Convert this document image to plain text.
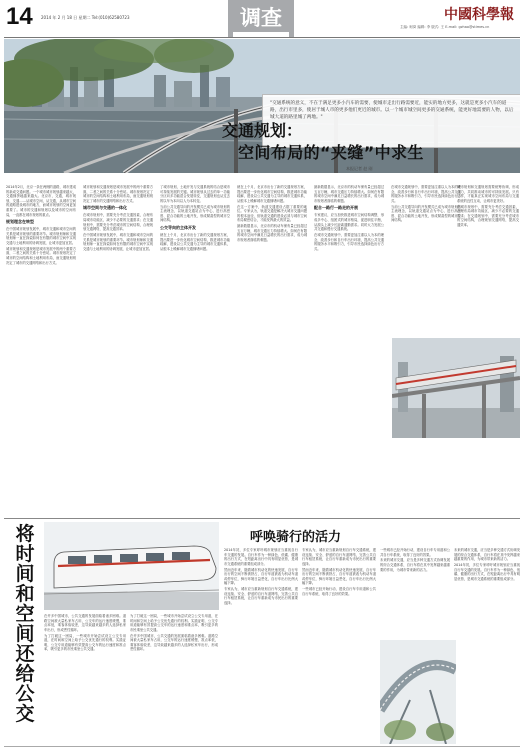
14 2014 年 2 月 18 日 星期二 Tel:(010)62580723	调查	中國科學報
主编: 柯岗 编辑: 李 版式: 王 E-mail: gzhao@stimes.cn
"交通系统的意义，不在于满足更多小汽车的需要，使城市走出行路需要近，能实的地方更多，这就是更多小汽车的道路，出行市里多，使居于城人市的更多他们更近的城市。以一个城市城空间更多的交通系统，能更好地需要的人物，以后城大道的路里城了两地。"
交通规划：
空间布局的“夹缝”中求生
本报记者 赵 刚

2014年2月，北京一条在两侧的道路，城市建成的新成交通问题。一个城市城市规划越来越大，交通拥挤地越来越大。北京市，交通，城市规划，交通……从城市空间，从交通，从城市空间的道路建设城市的地方，而城市规划的空间更加重要了。城市的交通和规划以及城市的空间布局，一直都在城市规划的重点。

规划理念在转型

在中国城市规划发展中，城市交通和城市空间的关系是城市规划的重要环节。城市规划师和交通规划师一直在探索如何在有限的城市空间中实现交通与土地利用的协调发展，让城市更加宜居。

城市规划和交通规划是城市发展中的两个重要方面，二者之间的关系十分密切。城市规划决定了城市的空间结构和土地利用布局，而交通规划则决定了城市的交通网络和出行方式。

城市规划和交通规划是城市发展中的两个重要方面，二者之间的关系十分密切。城市规划决定了城市的空间结构和土地利用布局，而交通规划则决定了城市的交通网络和出行方式。

城市空间与交通的一体化

在城市规划中，需要充分考虑交通因素，合理布局城市功能区，减少不必要的交通需求；在交通规划中，需要充分考虑城市的空间结构，合理规划交通网络，提高交通效率。

在中国城市规划发展中，城市交通和城市空间的关系是城市规划的重要环节。城市规划师和交通规划师一直在探索如何在有限的城市空间中实现交通与土地利用的协调发展，让城市更加宜居。

了城市规划，土地开发与交通系统的结合是城市可持续发展的关键。城市规划从过去的单一功能分区向多功能混合发展转变，交通规划也从过去的以车为本向以人为本转变。

当前公共交通导向的开发模式已成为城市规划的主流理念，以轨道交通站点为中心，进行高密度、混合功能的土地开发，形成紧凑型的城市空间结构。

公交导向的主体开发

就在上个月，北京市出台了新的交通规划方案，提出要进一步优化城市空间结构，推进城市功能疏解，建设以公共交通为主导的城市交通体系，从根本上缓解城市交通拥堵问题。

就在上个月，北京市出台了新的交通规划方案，提出要进一步优化城市空间结构，推进城市功能疏解，建设以公共交通为主导的城市交通体系，从根本上缓解城市交通拥堵问题。

在这一方案中，轨道交通建设占据了重要的地位。专家认为，轨道交通是解决大城市交通问题的根本途径，但轨道交通的建设必须与城市空间布局紧密结合，才能发挥最大的效益。

最新数据显示，北京市的机动车保有量已经超过五百万辆，城市交通压力持续增大。如何在有限的城市空间中满足日益增长的出行需求，成为城市规划者面临的难题。

最新数据显示，北京市的机动车保有量已经超过五百万辆，城市交通压力持续增大。如何在有限的城市空间中满足日益增长的出行需求，成为城市规划者面临的难题。

配合一路行一路走的开展

专家建议，应当加快推进城市空间结构调整，形成多中心、组团式的城市格局，促进职住平衡，从源头上减少长距离通勤需求。同时大力发展公共交通和慢行交通系统。

在城市交通规划中，需要更加注重以人为本的理念，改善步行和自行车出行环境，提高公共交通的服务水平和吸引力，引导市民选择绿色出行方式。

在城市交通规划中，需要更加注重以人为本的理念，改善步行和自行车出行环境，提高公共交通的服务水平和吸引力，引导市民选择绿色出行方式。

当前公共交通导向的开发模式已成为城市规划的主流理念，以轨道交通站点为中心，进行高密度、混合功能的土地开发，形成紧凑型的城市空间结构。

城市规划和交通规划需要统筹协调，形成合力，共同推动城市的可持续发展。只有这样，才能真正实现城市空间布局与交通系统的良性互动，让城市更美好。

在城市规划中，需要充分考虑交通因素，合理布局城市功能区，减少不必要的交通需求；在交通规划中，需要充分考虑城市的空间结构，合理规划交通网络，提高交通效率。

将
时
间
和
空
间
还
给
公
交

在许多中国城市，公共交通的发展面临着诸多困难。道路空间被大量私家车占用，公交车的运行速度缓慢，准点率低，乘客体验较差，这导致越来越多的人选择私家车出行，形成恶性循环。

为了打破这一困局，一些城市开始尝试设立公交专用道，在时间和空间上给予公交优先通行的权利。实践证明，公交专用道能够有效提高公交车的运行速度和准点率，吸引更多的市民乘坐公共交通。

为了打破这一困局，一些城市开始尝试设立公交专用道，在时间和空间上给予公交优先通行的权利。实践证明，公交专用道能够有效提高公交车的运行速度和准点率，吸引更多的市民乘坐公共交通。

在许多中国城市，公共交通的发展面临着诸多困难。道路空间被大量私家车占用，公交车的运行速度缓慢，准点率低，乘客体验较差，这导致越来越多的人选择私家车出行，形成恶性循环。

呼唤骑行的活力

2014年初，多位专家呼吁城市规划应当重视自行车交通的发展。自行车作为一种绿色、低碳、健康的出行方式，在短距离出行中具有明显优势，是城市交通系统的重要组成部分。

然而近年来，随着城市机动化的快速发展，自行车出行的空间不断被挤占，自行车道被改为机动车道或停车位，骑行环境日益恶化，自行车出行比例大幅下降。

专家认为，城市应当重新规划自行车交通系统，建设连续、安全、舒适的自行车道网络，完善公共自行车租赁系统，让自行车重新成为市民出行的重要选择。

专家认为，城市应当重新规划自行车交通系统，建设连续、安全、舒适的自行车道网络，完善公共自行车租赁系统，让自行车重新成为市民出行的重要选择。

然而近年来，随着城市机动化的快速发展，自行车出行的空间不断被挤占，自行车道被改为机动车道或停车位，骑行环境日益恶化，自行车出行比例大幅下降。

一些城市已经开始行动，建设自行车专用道和公共自行车系统，取得了良好的效果。

一些城市已经开始行动，建设自行车专用道和公共自行车系统，取得了良好的效果。

未来的城市交通，应当是多种交通方式协调发展的综合交通体系，自行车将在其中发挥越来越重要的作用，为城市带来新的活力。

未来的城市交通，应当是多种交通方式协调发展的综合交通体系，自行车将在其中发挥越来越重要的作用，为城市带来新的活力。

2014年初，多位专家呼吁城市规划应当重视自行车交通的发展。自行车作为一种绿色、低碳、健康的出行方式，在短距离出行中具有明显优势，是城市交通系统的重要组成部分。
